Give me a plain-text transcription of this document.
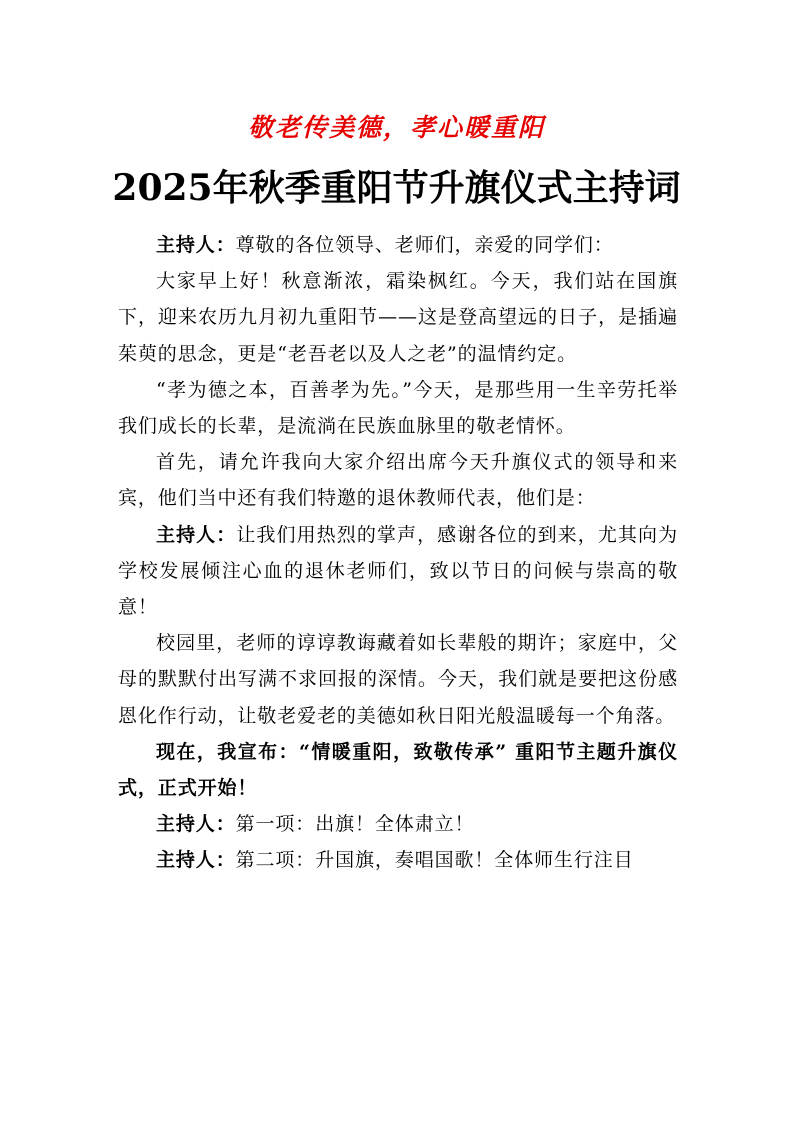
敬老传美德，孝心暖重阳
2025年秋季重阳节升旗仪式主持词

主持人：尊敬的各位领导、老师们，亲爱的同学们：

大家早上好！秋意渐浓，霜染枫红。今天，我们站在国旗下，迎来农历九月初九重阳节——这是登高望远的日子，是插遍茱萸的思念，更是“老吾老以及人之老”的温情约定。

“孝为德之本，百善孝为先。”今天，是那些用一生辛劳托举我们成长的长辈，是流淌在民族血脉里的敬老情怀。

首先，请允许我向大家介绍出席今天升旗仪式的领导和来宾，他们当中还有我们特邀的退休教师代表，他们是：

主持人：让我们用热烈的掌声，感谢各位的到来，尤其向为学校发展倾注心血的退休老师们，致以节日的问候与崇高的敬意！

校园里，老师的谆谆教诲藏着如长辈般的期许；家庭中，父母的默默付出写满不求回报的深情。今天，我们就是要把这份感恩化作行动，让敬老爱老的美德如秋日阳光般温暖每一个角落。

现在，我宣布：“情暖重阳，致敬传承” 重阳节主题升旗仪式，正式开始！

主持人：第一项：出旗！全体肃立！

主持人：第二项：升国旗，奏唱国歌！全体师生行注目
